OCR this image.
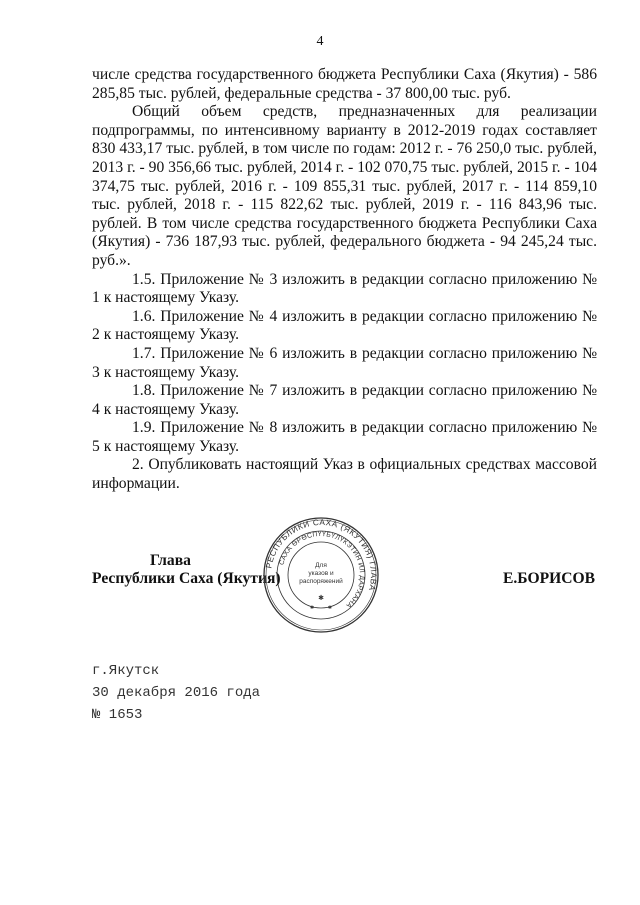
4

числе средства государственного бюджета Республики Саха (Якутия) - 586 285,85 тыс. рублей, федеральные средства - 37 800,00 тыс. руб.

Общий объем средств, предназначенных для реализации подпрограммы, по интенсивному варианту в 2012-2019 годах составляет 830 433,17 тыс. рублей, в том числе по годам: 2012 г. - 76 250,0 тыс. рублей, 2013 г. - 90 356,66 тыс. рублей, 2014 г. - 102 070,75 тыс. рублей, 2015 г. - 104 374,75 тыс. рублей, 2016 г. - 109 855,31 тыс. рублей, 2017 г. - 114 859,10 тыс. рублей, 2018 г. - 115 822,62 тыс. рублей, 2019 г. - 116 843,96 тыс. рублей. В том числе средства государственного бюджета Республики Саха (Якутия) - 736 187,93 тыс. рублей, федерального бюджета - 94 245,24 тыс. руб.».

1.5. Приложение № 3 изложить в редакции согласно приложению № 1 к настоящему Указу.

1.6. Приложение № 4 изложить в редакции согласно приложению № 2 к настоящему Указу.

1.7. Приложение № 6 изложить в редакции согласно приложению № 3 к настоящему Указу.

1.8. Приложение № 7 изложить в редакции согласно приложению № 4 к настоящему Указу.

1.9. Приложение № 8 изложить в редакции согласно приложению № 5 к настоящему Указу.

2. Опубликовать настоящий Указ в официальных средствах массовой информации.

Глава
Республики Саха (Якутия)
РЕСПУБЛИКИ САХА (ЯКУТИЯ) ГЛАВА
САХА ӨРӨСПҮҮБҮЛҮКЭТИН ИЛ ДАРХАНА
Для
указов и
распоряжений
✱
✱	✱
Е.БОРИСОВ
г.Якутск
30 декабря 2016 года
№ 1653
